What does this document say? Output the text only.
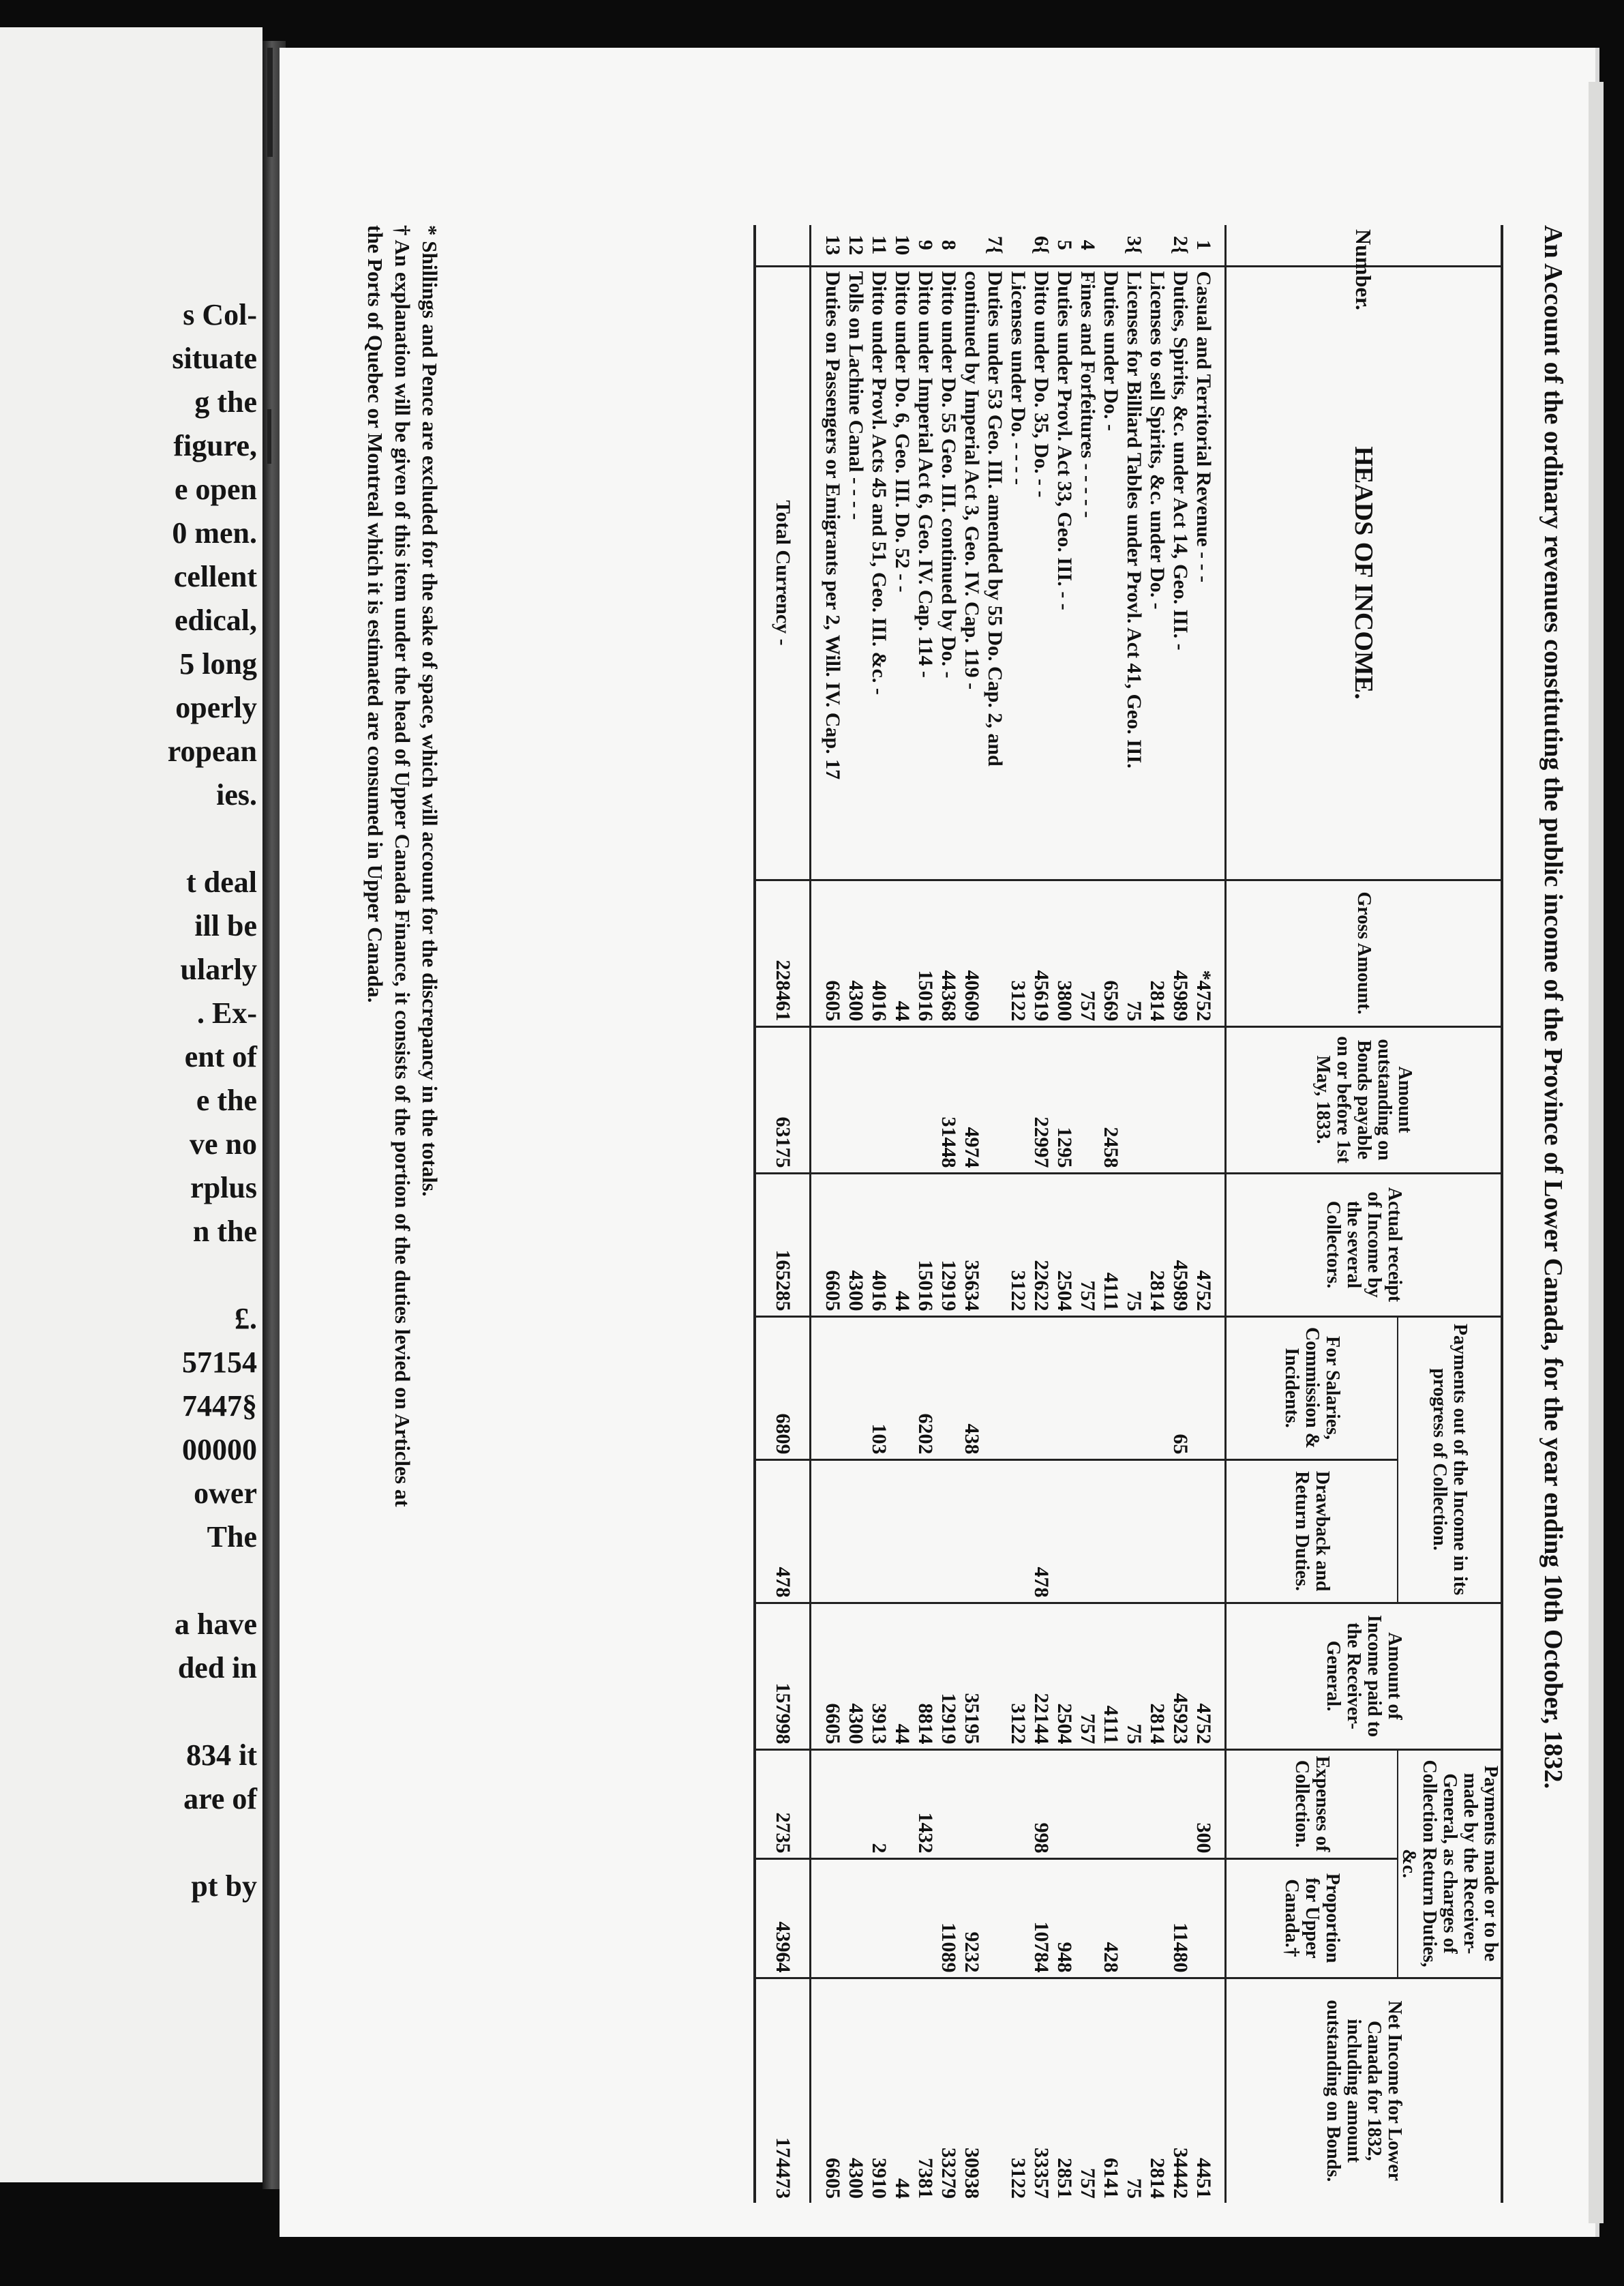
s Col-
situate
g the
figure,
e open
0 men.
cellent
edical,
5 long
operly
ropean
ies.

t deal
ill be
ularly
. Ex-
ent of
e the
ve no
rplus
n the

£.
57154
7447§
00000
ower
The

a have
ded in

834 it
are of

pt by
An Account of the ordinary revenues constituting the public income of the Province of Lower Canada, for the year ending 10th October, 1832.
Number.	HEADS OF INCOME.	Gross Amount.	Amount outstanding on Bonds payable on or before 1st May, 1833.	Actual receipt of Income by the several Collectors.	Payments out of the Income in its progress of Collection.		Amount of Income paid to the Receiver-General.	Payments made or to be made by the Receiver-General, as charges of Collection Return Duties, &c.		Net Income for Lower Canada for 1832, including amount outstanding on Bonds.
					For Salaries, Commission & Incidents.	Drawback and Return Duties.		Expenses of Collection.	Proportion for Upper Canada.†	

1	Casual and Territorial Revenue - - -	*4752		4752			4752	300		4451
2{	Duties, Spirits, &c. under Act 14, Geo. III. -	45989		45989	65		45923		11480	34442
	Licenses to sell Spirits, &c. under Do. -	2814		2814			2814			2814
3{	Licenses for Billiard Tables under Provl. Act 41, Geo. III.	75		75			75			75
	Duties under Do. -	6569	2458	4111			4111		428	6141
4	Fines and Forfeitures - - - - -	757		757			757			757
5	Duties under Provl. Act 33, Geo. III. - -	3800	1295	2504			2504		948	2851
6{	Ditto under Do. 35, Do. - -	45619	22997	22622		478	22144	998	10784	33357
	Licenses under Do. - - - -	3122		3122			3122			3122
7{	Duties under 53 Geo. III. amended by 55 Do. Cap. 2, and									
	continued by Imperial Act 3, Geo. IV. Cap. 119 -	40609	4974	35634	438		35195		9232	30938
8	Ditto under Do. 55 Geo. III. continued by Do. -	44368	31448	12919			12919		11089	33279
9	Ditto under Imperial Act 6, Geo. IV. Cap. 114 -	15016		15016	6202		8814	1432		7381
10	Ditto under Do. 6, Geo. III. Do. 52 - -	44		44			44			44
11	Ditto under Provl. Acts 45 and 51, Geo. III. &c. -	4016		4016	103		3913	2		3910
12	Tolls on Lachine Canal - - - -	4300		4300			4300			4300
13	Duties on Passengers or Emigrants per 2, Will. IV. Cap. 17	6605		6605			6605			6605

	Total Currency -	228461	63175	165285	6809	478	157998	2735	43964	174473
* Shillings and Pence are excluded for the sake of space, which will account for the discrepancy in the totals.
† An explanation will be given of this item under the head of Upper Canada Finance, it consists of the portion of the duties levied on Articles at
the Ports of Quebec or Montreal which it is estimated are consumed in Upper Canada.
